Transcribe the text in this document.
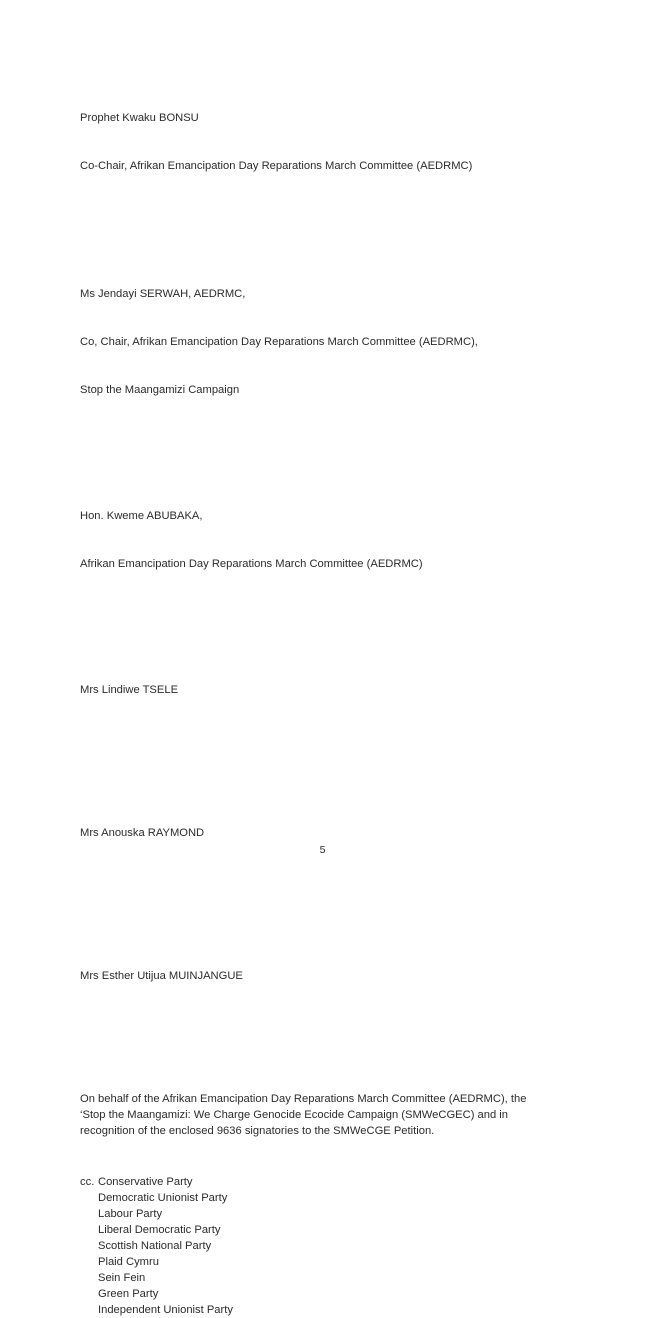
Prophet Kwaku BONSU

Co-Chair, Afrikan Emancipation Day Reparations March Committee (AEDRMC)

Ms Jendayi SERWAH, AEDRMC,

Co, Chair, Afrikan Emancipation Day Reparations March Committee (AEDRMC),

Stop the Maangamizi Campaign

Hon. Kweme ABUBAKA,

Afrikan Emancipation Day Reparations March Committee (AEDRMC)

Mrs Lindiwe TSELE

Mrs Anouska RAYMOND

Mrs Esther Utijua MUINJANGUE

On behalf of the Afrikan Emancipation Day Reparations March Committee (AEDRMC), the ‘Stop the Maangamizi: We Charge Genocide Ecocide Campaign (SMWeCGEC) and in recognition of the enclosed 9636 signatories to the SMWeCGE Petition.
cc. Conservative Party
Democratic Unionist Party
Labour Party
Liberal Democratic Party
Scottish National Party
Plaid Cymru
Sein Fein
Green Party
Independent Unionist Party
5
